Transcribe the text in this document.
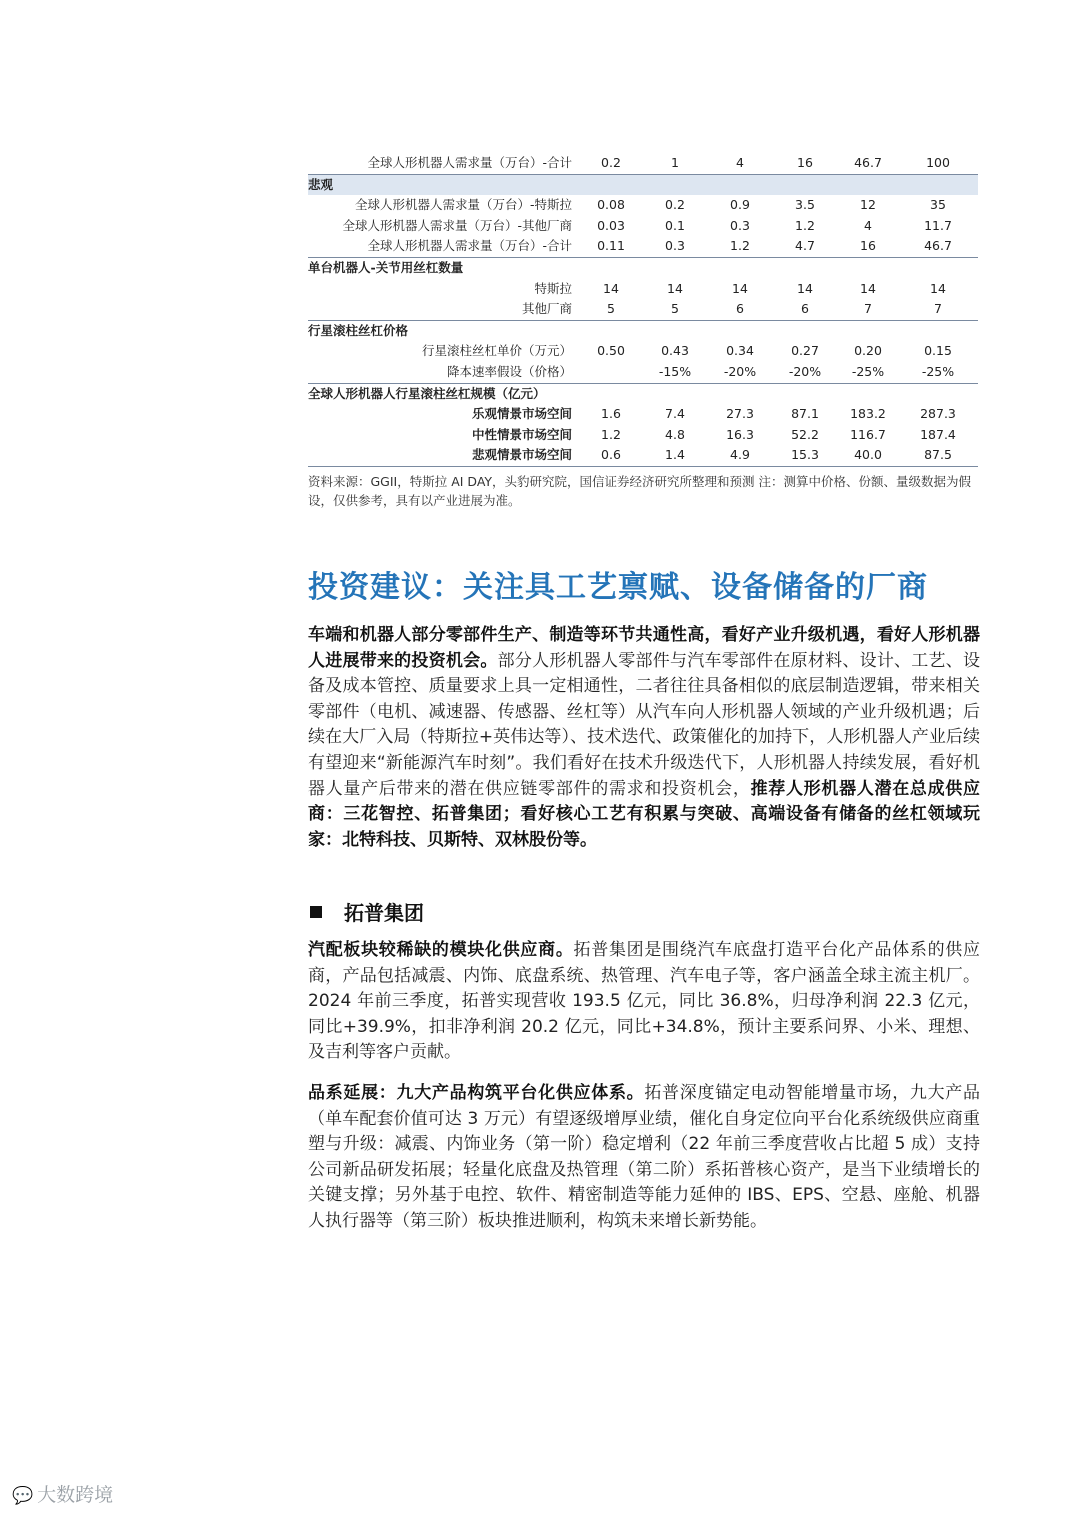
全球人形机器人需求量（万台）-合计	0.2	1	4	16	46.7	100	
悲观							
全球人形机器人需求量（万台）-特斯拉	0.08	0.2	0.9	3.5	12	35	
全球人形机器人需求量（万台）-其他厂商	0.03	0.1	0.3	1.2	4	11.7	
全球人形机器人需求量（万台）-合计	0.11	0.3	1.2	4.7	16	46.7	
单台机器人-关节用丝杠数量							
特斯拉	14	14	14	14	14	14	
其他厂商	5	5	6	6	7	7	
行星滚柱丝杠价格							
行星滚柱丝杠单价（万元）	0.50	0.43	0.34	0.27	0.20	0.15	
降本速率假设（价格）		-15%	-20%	-20%	-25%	-25%	
全球人形机器人行星滚柱丝杠规模（亿元）							
乐观情景市场空间	1.6	7.4	27.3	87.1	183.2	287.3	
中性情景市场空间	1.2	4.8	16.3	52.2	116.7	187.4	
悲观情景市场空间	0.6	1.4	4.9	15.3	40.0	87.5	
资料来源：GGII，特斯拉 AI DAY，头豹研究院，国信证券经济研究所整理和预测 注：测算中价格、份额、量级数据为假设，仅供参考，具有以产业进展为准。
投资建议：关注具工艺禀赋、设备储备的厂商
车端和机器人部分零部件生产、制造等环节共通性高，看好产业升级机遇，看好人形机器人进展带来的投资机会。部分人形机器人零部件与汽车零部件在原材料、设计、工艺、设备及成本管控、质量要求上具一定相通性，二者往往具备相似的底层制造逻辑，带来相关零部件（电机、减速器、传感器、丝杠等）从汽车向人形机器人领域的产业升级机遇；后续在大厂入局（特斯拉+英伟达等）、技术迭代、政策催化的加持下，人形机器人产业后续有望迎来“新能源汽车时刻”。我们看好在技术升级迭代下，人形机器人持续发展，看好机器人量产后带来的潜在供应链零部件的需求和投资机会，推荐人形机器人潜在总成供应商：三花智控、拓普集团；看好核心工艺有积累与突破、高端设备有储备的丝杠领域玩家：北特科技、贝斯特、双林股份等。
拓普集团
汽配板块较稀缺的模块化供应商。拓普集团是围绕汽车底盘打造平台化产品体系的供应商，产品包括减震、内饰、底盘系统、热管理、汽车电子等，客户涵盖全球主流主机厂。2024 年前三季度，拓普实现营收 193.5 亿元，同比 36.8%，归母净利润 22.3 亿元，同比+39.9%，扣非净利润 20.2 亿元，同比+34.8%，预计主要系问界、小米、理想、及吉利等客户贡献。
品系延展：九大产品构筑平台化供应体系。拓普深度锚定电动智能增量市场，九大产品（单车配套价值可达 3 万元）有望逐级增厚业绩，催化自身定位向平台化系统级供应商重塑与升级：减震、内饰业务（第一阶）稳定增利（22 年前三季度营收占比超 5 成）支持公司新品研发拓展；轻量化底盘及热管理（第二阶）系拓普核心资产，是当下业绩增长的关键支撑；另外基于电控、软件、精密制造等能力延伸的 IBS、EPS、空悬、座舱、机器人执行器等（第三阶）板块推进顺利，构筑未来增长新势能。
💬 大数跨境
